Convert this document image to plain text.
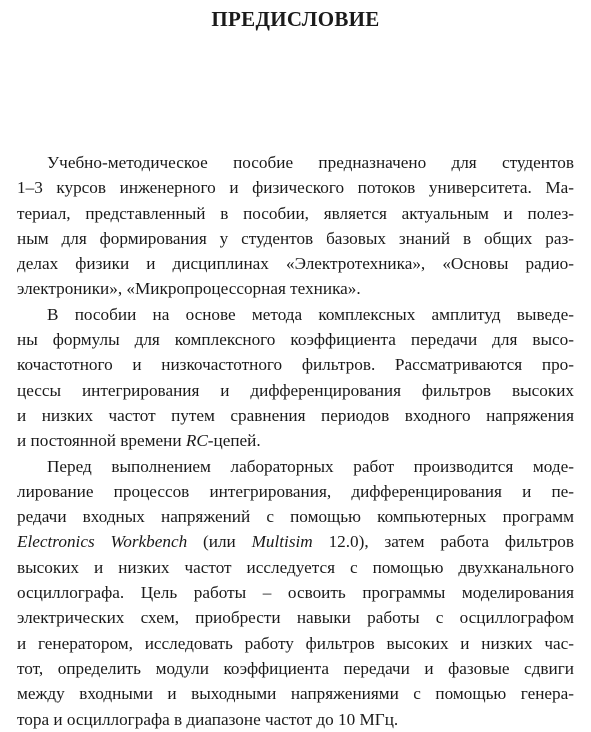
ПРЕДИСЛОВИЕ
Учебно-методическое пособие предназначено для студентов
1–3 курсов инженерного и физического потоков университета. Ма-
териал, представленный в пособии, является актуальным и полез-
ным для формирования у студентов базовых знаний в общих раз-
делах физики и дисциплинах «Электротехника», «Основы радио-
электроники», «Микропроцессорная техника».
В пособии на основе метода комплексных амплитуд выведе-
ны формулы для комплексного коэффициента передачи для высо-
кочастотного и низкочастотного фильтров. Рассматриваются про-
цессы интегрирования и дифференцирования фильтров высоких
и низких частот путем сравнения периодов входного напряжения
и постоянной времени RC-цепей.
Перед выполнением лабораторных работ производится моде-
лирование процессов интегрирования, дифференцирования и пе-
редачи входных напряжений с помощью компьютерных программ
Electronics Workbench (или Multisim 12.0), затем работа фильтров
высоких и низких частот исследуется с помощью двухканального
осциллографа. Цель работы – освоить программы моделирования
электрических схем, приобрести навыки работы с осциллографом
и генератором, исследовать работу фильтров высоких и низких час-
тот, определить модули коэффициента передачи и фазовые сдвиги
между входными и выходными напряжениями с помощью генера-
тора и осциллографа в диапазоне частот до 10 МГц.
